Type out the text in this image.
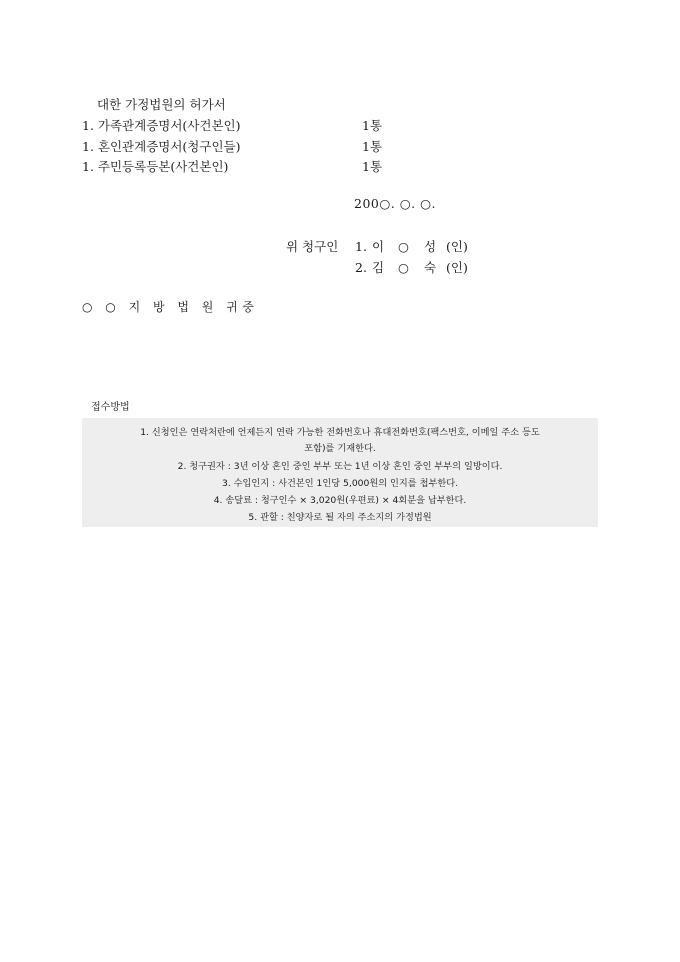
대한 가정법원의 허가서
1. 가족관계증명서(사건본인)	1통
1. 혼인관계증명서(청구인들)	1통
1. 주민등록등본(사건본인)	1통
200○. ○. ○.
위 청구인 1. 이 ○ 성 (인)
2. 김 ○ 숙 (인)
○ ○ 지 방 법 원 귀중
접수방법
1. 신청인은 연락처란에 언제든지 연락 가능한 전화번호나 휴대전화번호(팩스번호, 이메일 주소 등도
포함)를 기재한다.
2. 청구권자 : 3년 이상 혼인 중인 부부 또는 1년 이상 혼인 중인 부부의 일방이다.
3. 수입인지 : 사건본인 1인당 5,000원의 인지를 첩부한다.
4. 송달료 : 청구인수 × 3,020원(우편료) × 4회분을 납부한다.
5. 관할 : 친양자로 될 자의 주소지의 가정법원
